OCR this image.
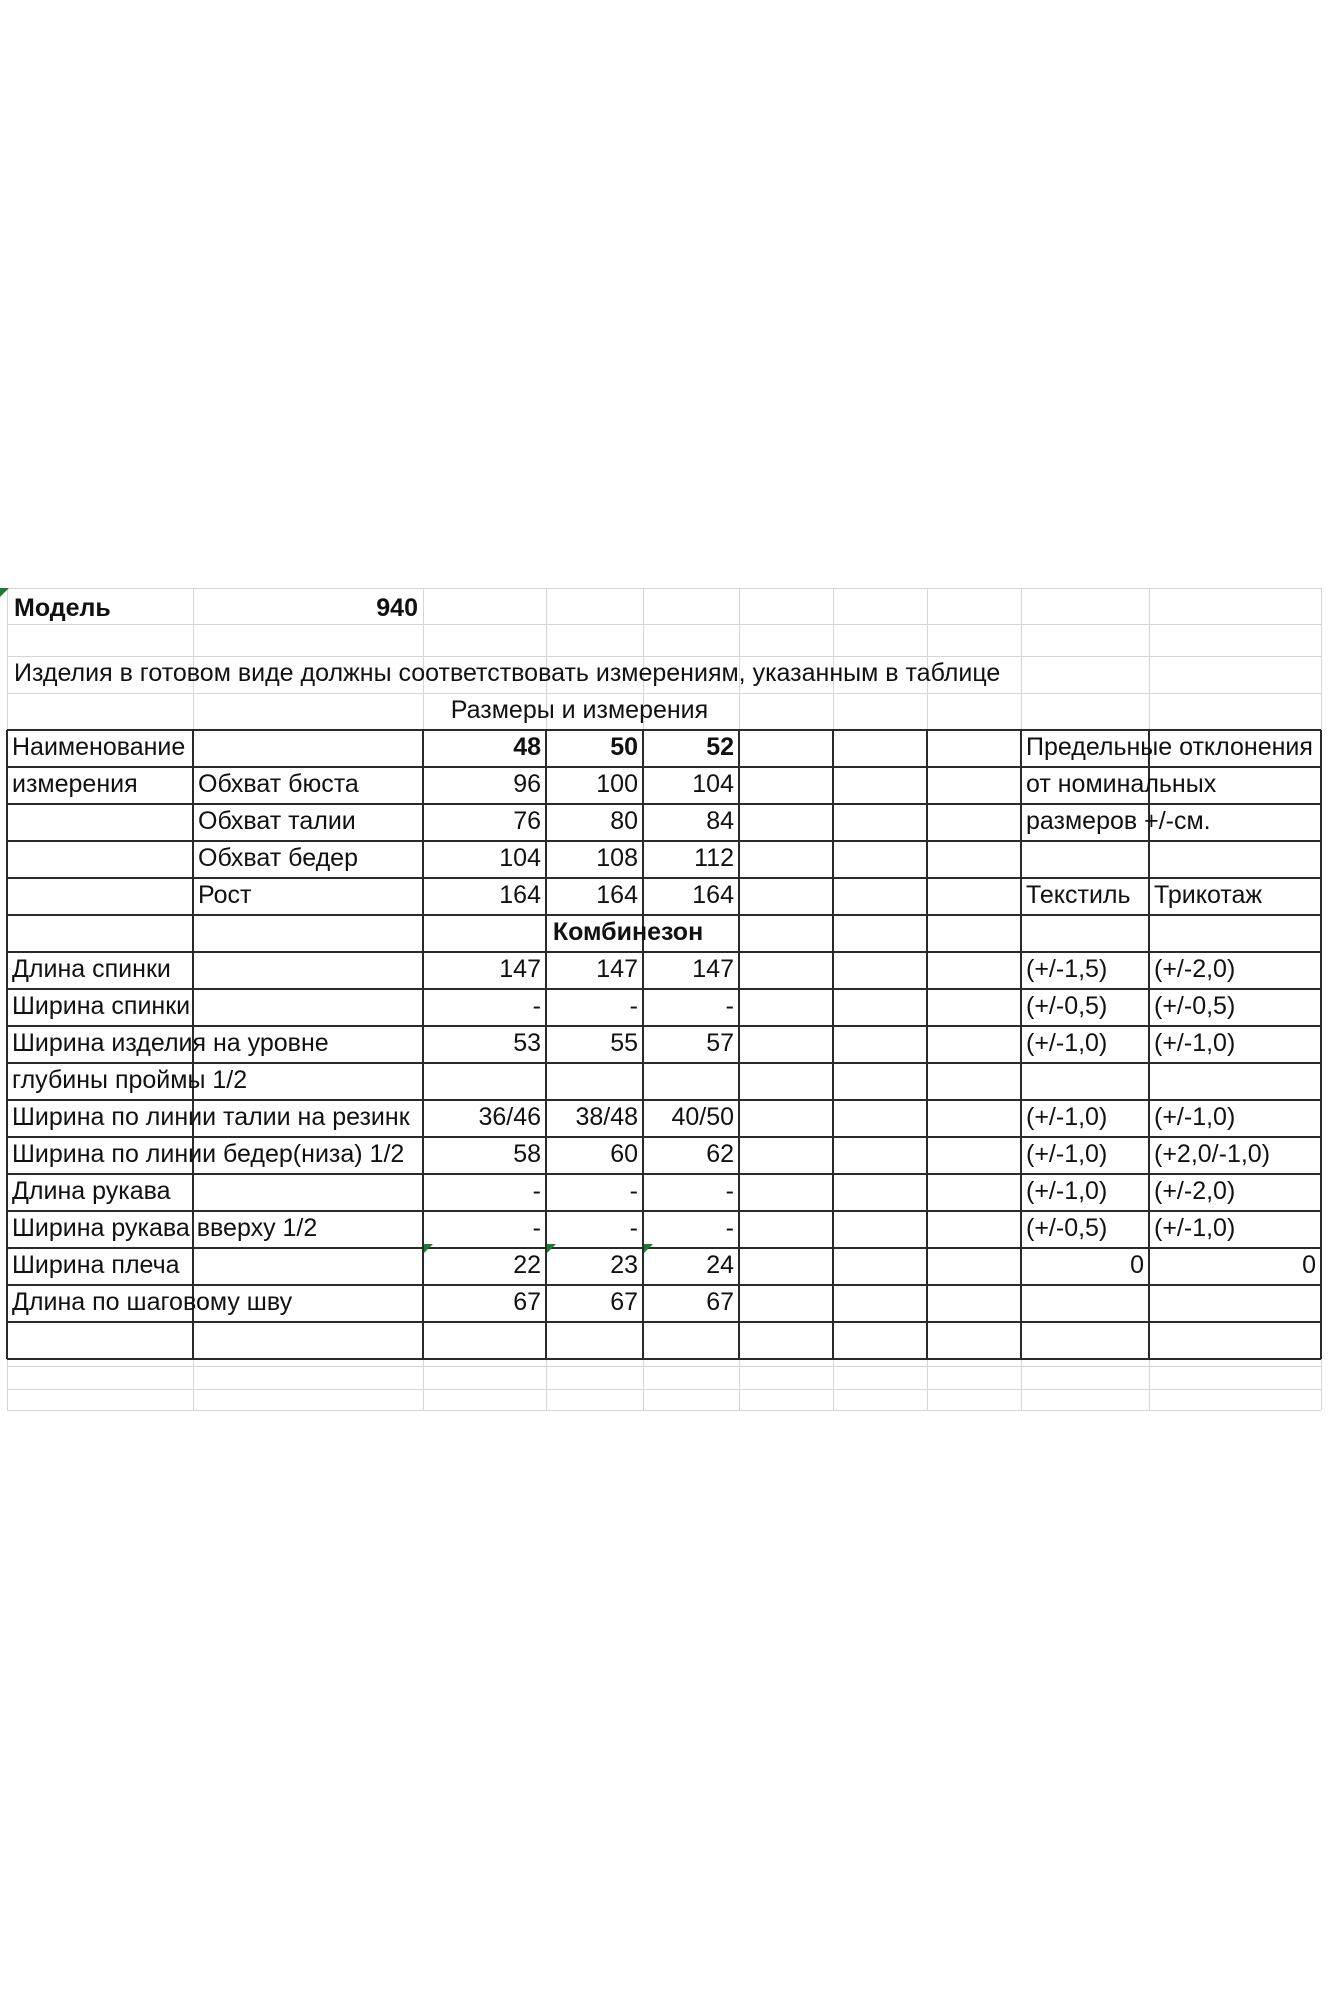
Модель	940
Изделия в готовом виде должны соответствовать измерениям, указанным в таблице
Размеры и измерения
Наименование
измерения
48	50	52	Предельные отклонения
от номинальных
размеров +/-см.
Текстиль Трикотаж
Обхват бюста	96	100	104
Обхват талии	76	80	84
Обхват бедер	104	108	112
Рост	164	164	164
Комбинезон
Длина спинки	147	147	147	(+/-1,5) (+/-2,0)
Ширина спинки	-	-	-	(+/-0,5) (+/-0,5)
Ширина изделия на уровне	53	55	57	(+/-1,0) (+/-1,0)
глубины проймы 1/2
Ширина по линии талии на резинк	36/46	38/48	40/50	(+/-1,0) (+/-1,0)
Ширина по линии бедер(низа) 1/2	58	60	62	(+/-1,0) (+2,0/-1,0)
Длина рукава	-	-	-	(+/-1,0) (+/-2,0)
Ширина рукава вверху 1/2	-	-	-	(+/-0,5) (+/-1,0)
Ширина плеча	22	23	24	0	0
Длина по шаговому шву	67	67	67
